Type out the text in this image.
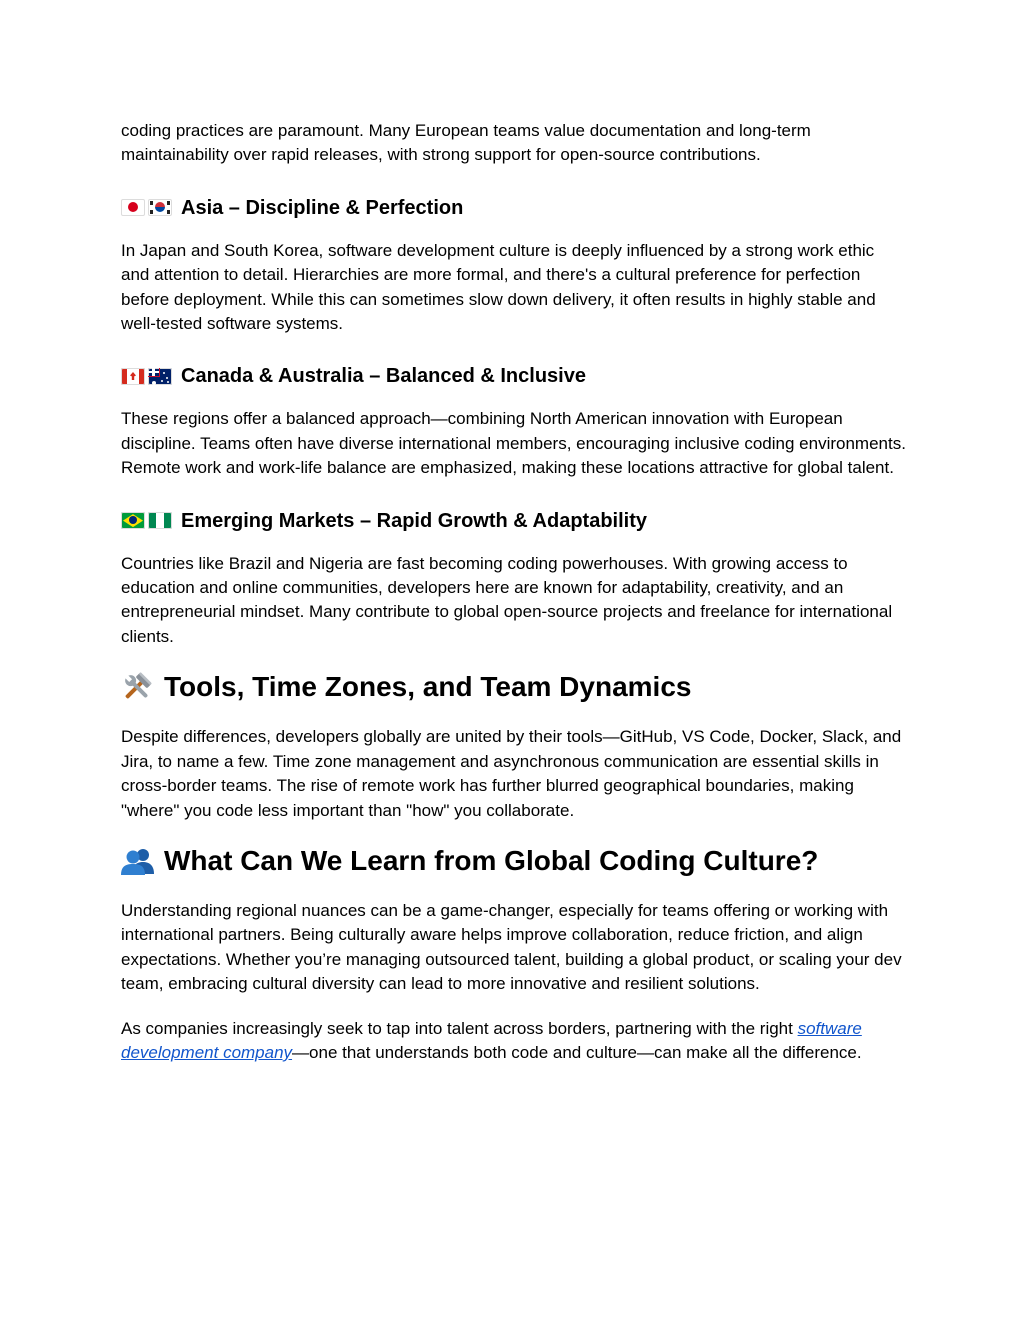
coding practices are paramount. Many European teams value documentation and long-term maintainability over rapid releases, with strong support for open-source contributions.

Asia – Discipline & Perfection

In Japan and South Korea, software development culture is deeply influenced by a strong work ethic and attention to detail. Hierarchies are more formal, and there's a cultural preference for perfection before deployment. While this can sometimes slow down delivery, it often results in highly stable and well-tested software systems.

Canada & Australia – Balanced & Inclusive

These regions offer a balanced approach—combining North American innovation with European discipline. Teams often have diverse international members, encouraging inclusive coding environments. Remote work and work-life balance are emphasized, making these locations attractive for global talent.

Emerging Markets – Rapid Growth & Adaptability

Countries like Brazil and Nigeria are fast becoming coding powerhouses. With growing access to education and online communities, developers here are known for adaptability, creativity, and an entrepreneurial mindset. Many contribute to global open-source projects and freelance for international clients.

Tools, Time Zones, and Team Dynamics

Despite differences, developers globally are united by their tools—GitHub, VS Code, Docker, Slack, and Jira, to name a few. Time zone management and asynchronous communication are essential skills in cross-border teams. The rise of remote work has further blurred geographical boundaries, making "where" you code less important than "how" you collaborate.

What Can We Learn from Global Coding Culture?

Understanding regional nuances can be a game-changer, especially for teams offering or working with international partners. Being culturally aware helps improve collaboration, reduce friction, and align expectations. Whether you’re managing outsourced talent, building a global product, or scaling your dev team, embracing cultural diversity can lead to more innovative and resilient solutions.

As companies increasingly seek to tap into talent across borders, partnering with the right software development company—one that understands both code and culture—can make all the difference.
